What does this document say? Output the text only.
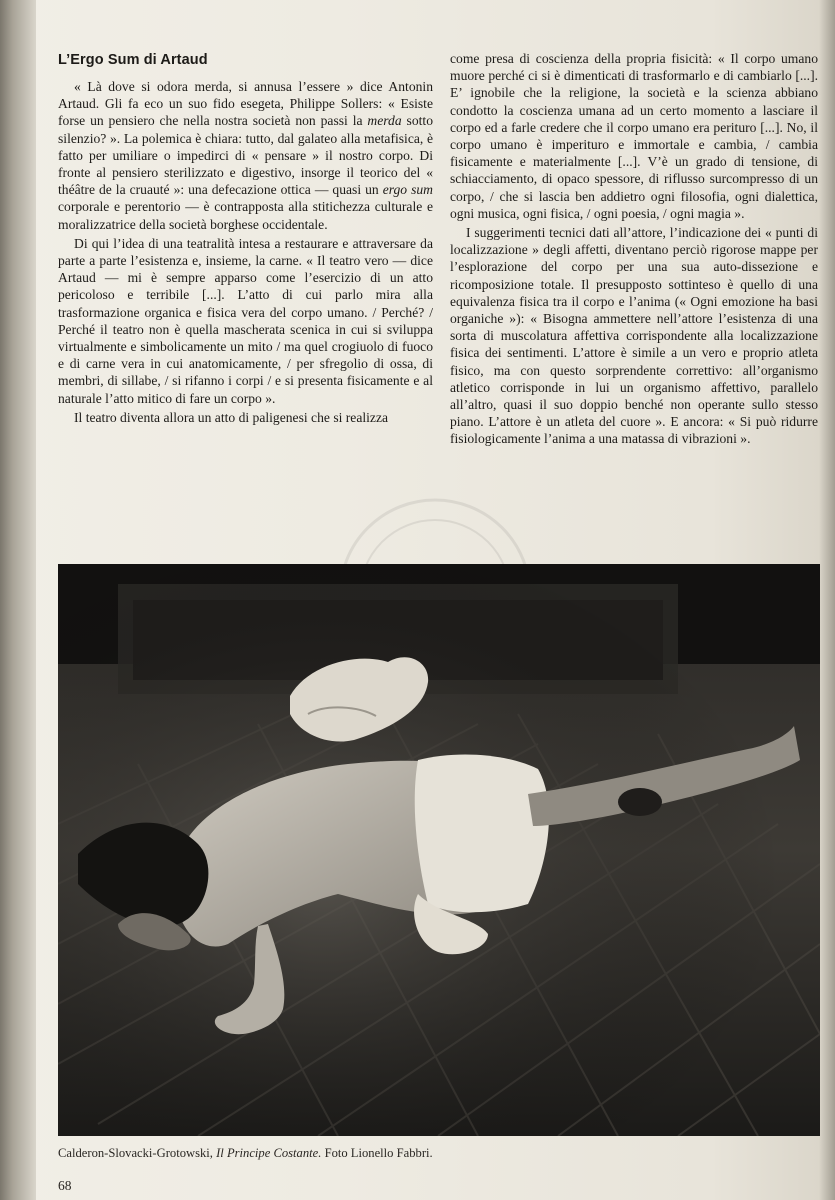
L’Ergo Sum di Artaud

« Là dove si odora merda, si annusa l’essere » dice Antonin Artaud. Gli fa eco un suo fido esegeta, Philippe Sollers: « Esiste forse un pensiero che nella nostra società non passi la merda sotto silenzio? ». La polemica è chiara: tutto, dal galateo alla metafisica, è fatto per umiliare o impedirci di « pensare » il nostro corpo. Di fronte al pensiero sterilizzato e digestivo, insorge il teorico del « théâtre de la cruauté »: una defecazione ottica — quasi un ergo sum corporale e perentorio — è contrapposta alla stitichezza culturale e moralizzatrice della società borghese occidentale.

Di qui l’idea di una teatralità intesa a restaurare e attraversare da parte a parte l’esistenza e, insieme, la carne. « Il teatro vero — dice Artaud — mi è sempre apparso come l’esercizio di un atto pericoloso e terribile [...]. L’atto di cui parlo mira alla trasformazione organica e fisica vera del corpo umano. / Perché? / Perché il teatro non è quella mascherata scenica in cui si sviluppa virtualmente e simbolicamente un mito / ma quel crogiuolo di fuoco e di carne vera in cui anatomicamente, / per sfregolio di ossa, di membri, di sillabe, / si rifanno i corpi / e si presenta fisicamente e al naturale l’atto mitico di fare un corpo ».

Il teatro diventa allora un atto di paligenesi che si realizza

come presa di coscienza della propria fisicità: « Il corpo umano muore perché ci si è dimenticati di trasformarlo e di cambiarlo [...]. E’ ignobile che la religione, la società e la scienza abbiano condotto la coscienza umana ad un certo momento a lasciare il corpo ed a farle credere che il corpo umano era perituro [...]. No, il corpo umano è imperituro e immortale e cambia, / cambia fisicamente e materialmente [...]. V’è un grado di tensione, di schiacciamento, di opaco spessore, di riflusso surcompresso di un corpo, / che si lascia ben addietro ogni filosofia, ogni dialettica, ogni musica, ogni fisica, / ogni poesia, / ogni magia ».

I suggerimenti tecnici dati all’attore, l’indicazione dei « punti di localizzazione » degli affetti, diventano perciò rigorose mappe per l’esplorazione del corpo per una sua auto-dissezione e ricomposizione totale. Il presupposto sottinteso è quello di una equivalenza fisica tra il corpo e l’anima (« Ogni emozione ha basi organiche »): « Bisogna ammettere nell’attore l’esistenza di una sorta di muscolatura affettiva corrispondente alla localizzazione fisica dei sentimenti. L’attore è simile a un vero e proprio atleta fisico, ma con questo sorprendente correttivo: all’organismo atletico corrisponde in lui un organismo affettivo, parallelo all’altro, quasi il suo doppio benché non operante sullo stesso piano. L’attore è un atleta del cuore ». E ancora: « Si può ridurre fisiologicamente l’anima a una matassa di vibrazioni ».

Calderon-Slovacki-Grotowski, Il Principe Costante. Foto Lionello Fabbri.
68
